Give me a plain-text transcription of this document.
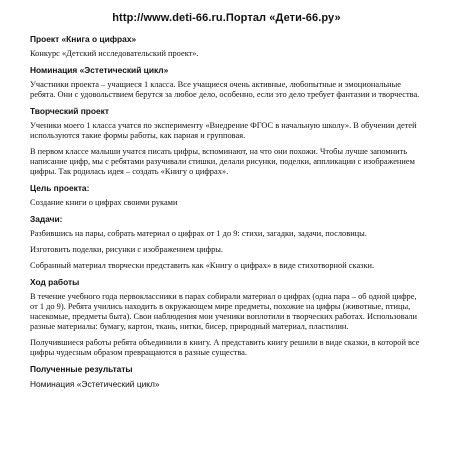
http://www.deti-66.ru.Портал «Дети-66.ру»

Проект «Книга о цифрах»

Конкурс «Детский исследовательский проект».

Номинация «Эстетический цикл»

Участники проекта – учащиеся 1 класса. Все учащиеся очень активные, любопытные и эмоциональные ребята. Они с удовольствием берутся за любое дело, особенно, если это дело требует фантазии и творчества.

Творческий проект

Ученики моего 1 класса учатся по эксперименту «Внедрение ФГОС в начальную школу». В обучении детей используются такие формы работы, как парная и групповая.

В первом классе малыши учатся писать цифры, вспоминают, на что они похожи. Чтобы лучше запомнить написание цифр, мы с ребятами разучивали стишки, делали рисунки, поделки, аппликации с изображением цифры. Так родилась идея – создать «Книгу о цифрах».

Цель проекта:

Создание книги о цифрах своими руками

Задачи:

Разбившись на пары, собрать материал о цифрах от 1 до 9: стихи, загадки, задачи, пословицы.

Изготовить поделки, рисунки с изображением цифры.

Собранный материал творчески представить как «Книгу о цифрах» в виде стихотворной сказки.

Ход работы

В течение учебного года первоклассники в парах собирали материал о цифрах (одна пара – об одной цифре, от 1 до 9). Ребята учились находить в окружающем мире предметы, похожие на цифры (животные, птицы, насекомые, предметы быта). Свои наблюдения мои ученики воплотили в творческих работах. Использовали разные материалы: бумагу, картон, ткань, нитки, бисер, природный материал, пластилин.

Получившиеся работы ребята объединили в книгу. А представить книгу решили в виде сказки, в которой все цифры чудесным образом превращаются в разные существа.

Полученные результаты

Номинация «Эстетический цикл»
